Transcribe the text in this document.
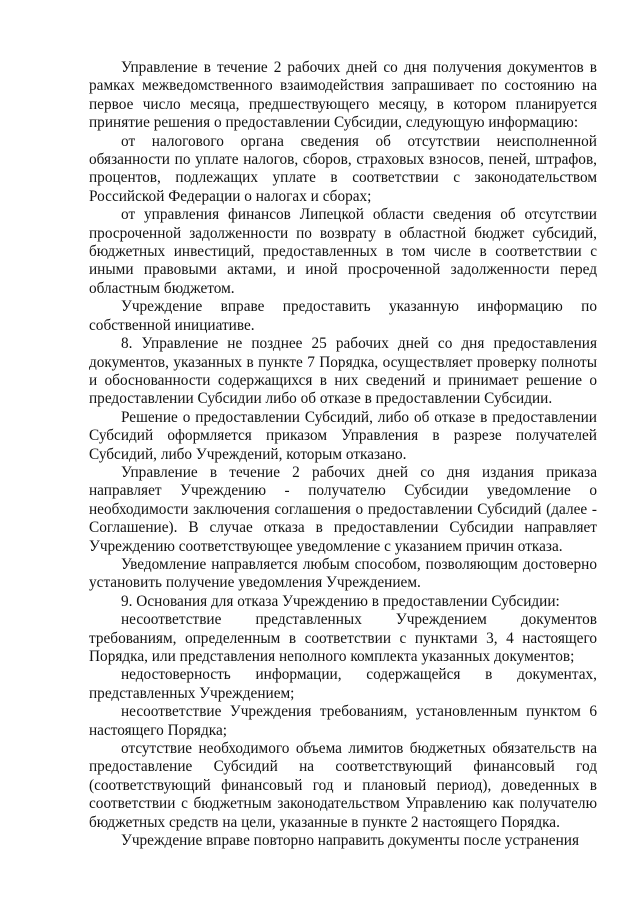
Управление в течение 2 рабочих дней со дня получения документов в рамках межведомственного взаимодействия запрашивает по состоянию на первое число месяца, предшествующего месяцу, в котором планируется принятие решения о предоставлении Субсидии, следующую информацию:

от налогового органа сведения об отсутствии неисполненной обязанности по уплате налогов, сборов, страховых взносов, пеней, штрафов, процентов, подлежащих уплате в соответствии с законодательством Российской Федерации о налогах и сборах;

от управления финансов Липецкой области сведения об отсутствии просроченной задолженности по возврату в областной бюджет субсидий, бюджетных инвестиций, предоставленных в том числе в соответствии с иными правовыми актами, и иной просроченной задолженности перед областным бюджетом.

Учреждение вправе предоставить указанную информацию по собственной инициативе.

8. Управление не позднее 25 рабочих дней со дня предоставления документов, указанных в пункте 7 Порядка, осуществляет проверку полноты и обоснованности содержащихся в них сведений и принимает решение о предоставлении Субсидии либо об отказе в предоставлении Субсидии.

Решение о предоставлении Субсидий, либо об отказе в предоставлении Субсидий оформляется приказом Управления в разрезе получателей Субсидий, либо Учреждений, которым отказано.

Управление в течение 2 рабочих дней со дня издания приказа направляет Учреждению - получателю Субсидии уведомление о необходимости заключения соглашения о предоставлении Субсидий (далее - Соглашение). В случае отказа в предоставлении Субсидии направляет Учреждению соответствующее уведомление с указанием причин отказа.

Уведомление направляется любым способом, позволяющим достоверно установить получение уведомления Учреждением.

9. Основания для отказа Учреждению в предоставлении Субсидии:

несоответствие представленных Учреждением документов требованиям, определенным в соответствии с пунктами 3, 4 настоящего Порядка, или представления неполного комплекта указанных документов;

недостоверность информации, содержащейся в документах, представленных Учреждением;

несоответствие Учреждения требованиям, установленным пунктом 6 настоящего Порядка;

отсутствие необходимого объема лимитов бюджетных обязательств на предоставление Субсидий на соответствующий финансовый год (соответствующий финансовый год и плановый период), доведенных в соответствии с бюджетным законодательством Управлению как получателю бюджетных средств на цели, указанные в пункте 2 настоящего Порядка.

Учреждение вправе повторно направить документы после устранения
